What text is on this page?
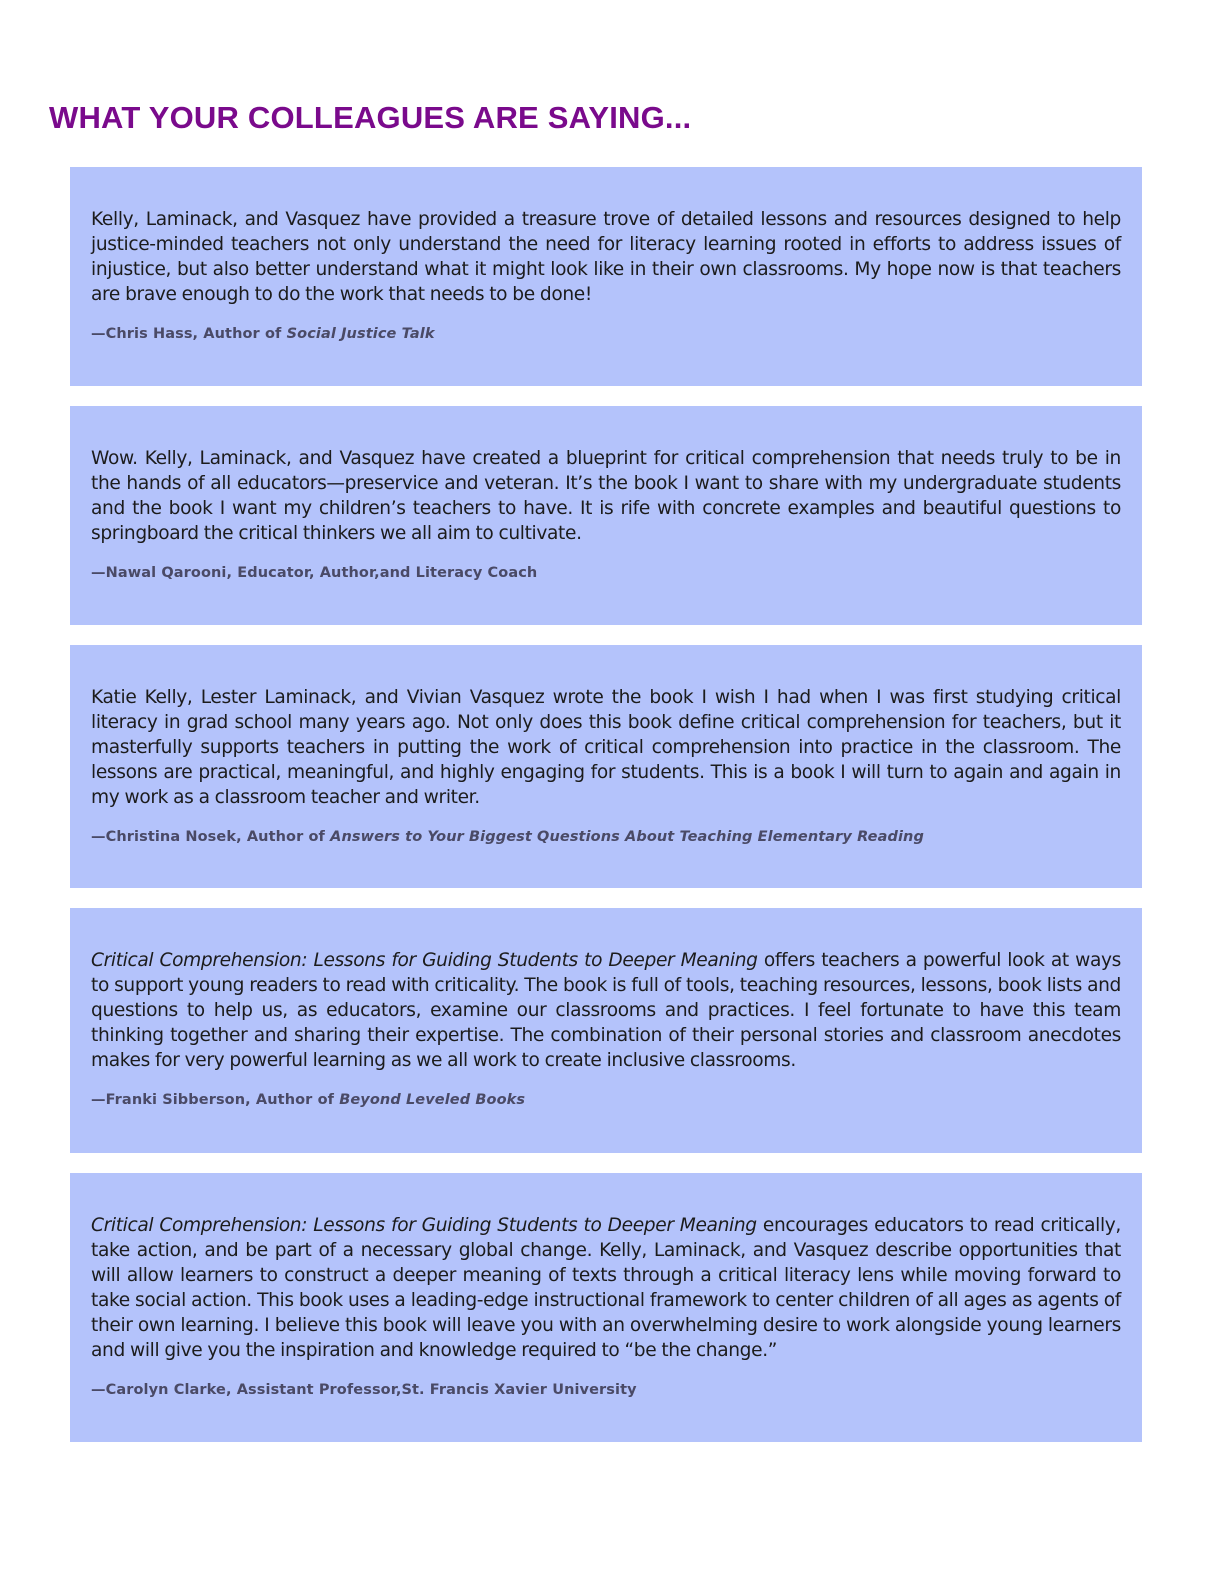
WHAT YOUR COLLEAGUES ARE SAYING...

Kelly, Laminack, and Vasquez have provided a treasure trove of detailed lessons and resources designed to help justice-minded teachers not only understand the need for literacy learning rooted in efforts to address issues of injustice, but also better understand what it might look like in their own classrooms. My hope now is that teachers are brave enough to do the work that needs to be done!

—Chris Hass, Author of Social Justice Talk

Wow. Kelly, Laminack, and Vasquez have created a blueprint for critical comprehension that needs truly to be in the hands of all educators—preservice and veteran. It’s the book I want to share with my undergraduate students and the book I want my children’s teachers to have. It is rife with concrete examples and beautiful questions to springboard the critical thinkers we all aim to cultivate.

—Nawal Qarooni, Educator, Author,and Literacy Coach

Katie Kelly, Lester Laminack, and Vivian Vasquez wrote the book I wish I had when I was first studying critical literacy in grad school many years ago. Not only does this book define critical comprehension for teachers, but it masterfully supports teachers in putting the work of critical comprehension into practice in the classroom. The lessons are practical, meaningful, and highly engaging for students. This is a book I will turn to again and again in my work as a classroom teacher and writer.

—Christina Nosek, Author of Answers to Your Biggest Questions About Teaching Elementary Reading

Critical Comprehension: Lessons for Guiding Students to Deeper Meaning offers teachers a powerful look at ways to support young readers to read with criticality. The book is full of tools, teaching resources, lessons, book lists and questions to help us, as educators, examine our classrooms and practices. I feel fortunate to have this team thinking together and sharing their expertise. The combination of their personal stories and classroom anecdotes makes for very powerful learning as we all work to create inclusive classrooms.

—Franki Sibberson, Author of Beyond Leveled Books

Critical Comprehension: Lessons for Guiding Students to Deeper Meaning encourages educators to read critically, take action, and be part of a necessary global change. Kelly, Laminack, and Vasquez describe opportunities that will allow learners to construct a deeper meaning of texts through a critical literacy lens while moving forward to take social action. This book uses a leading-edge instructional framework to center children of all ages as agents of their own learning. I believe this book will leave you with an overwhelming desire to work alongside young learners and will give you the inspiration and knowledge required to “be the change.”

—Carolyn Clarke, Assistant Professor,St. Francis Xavier University
